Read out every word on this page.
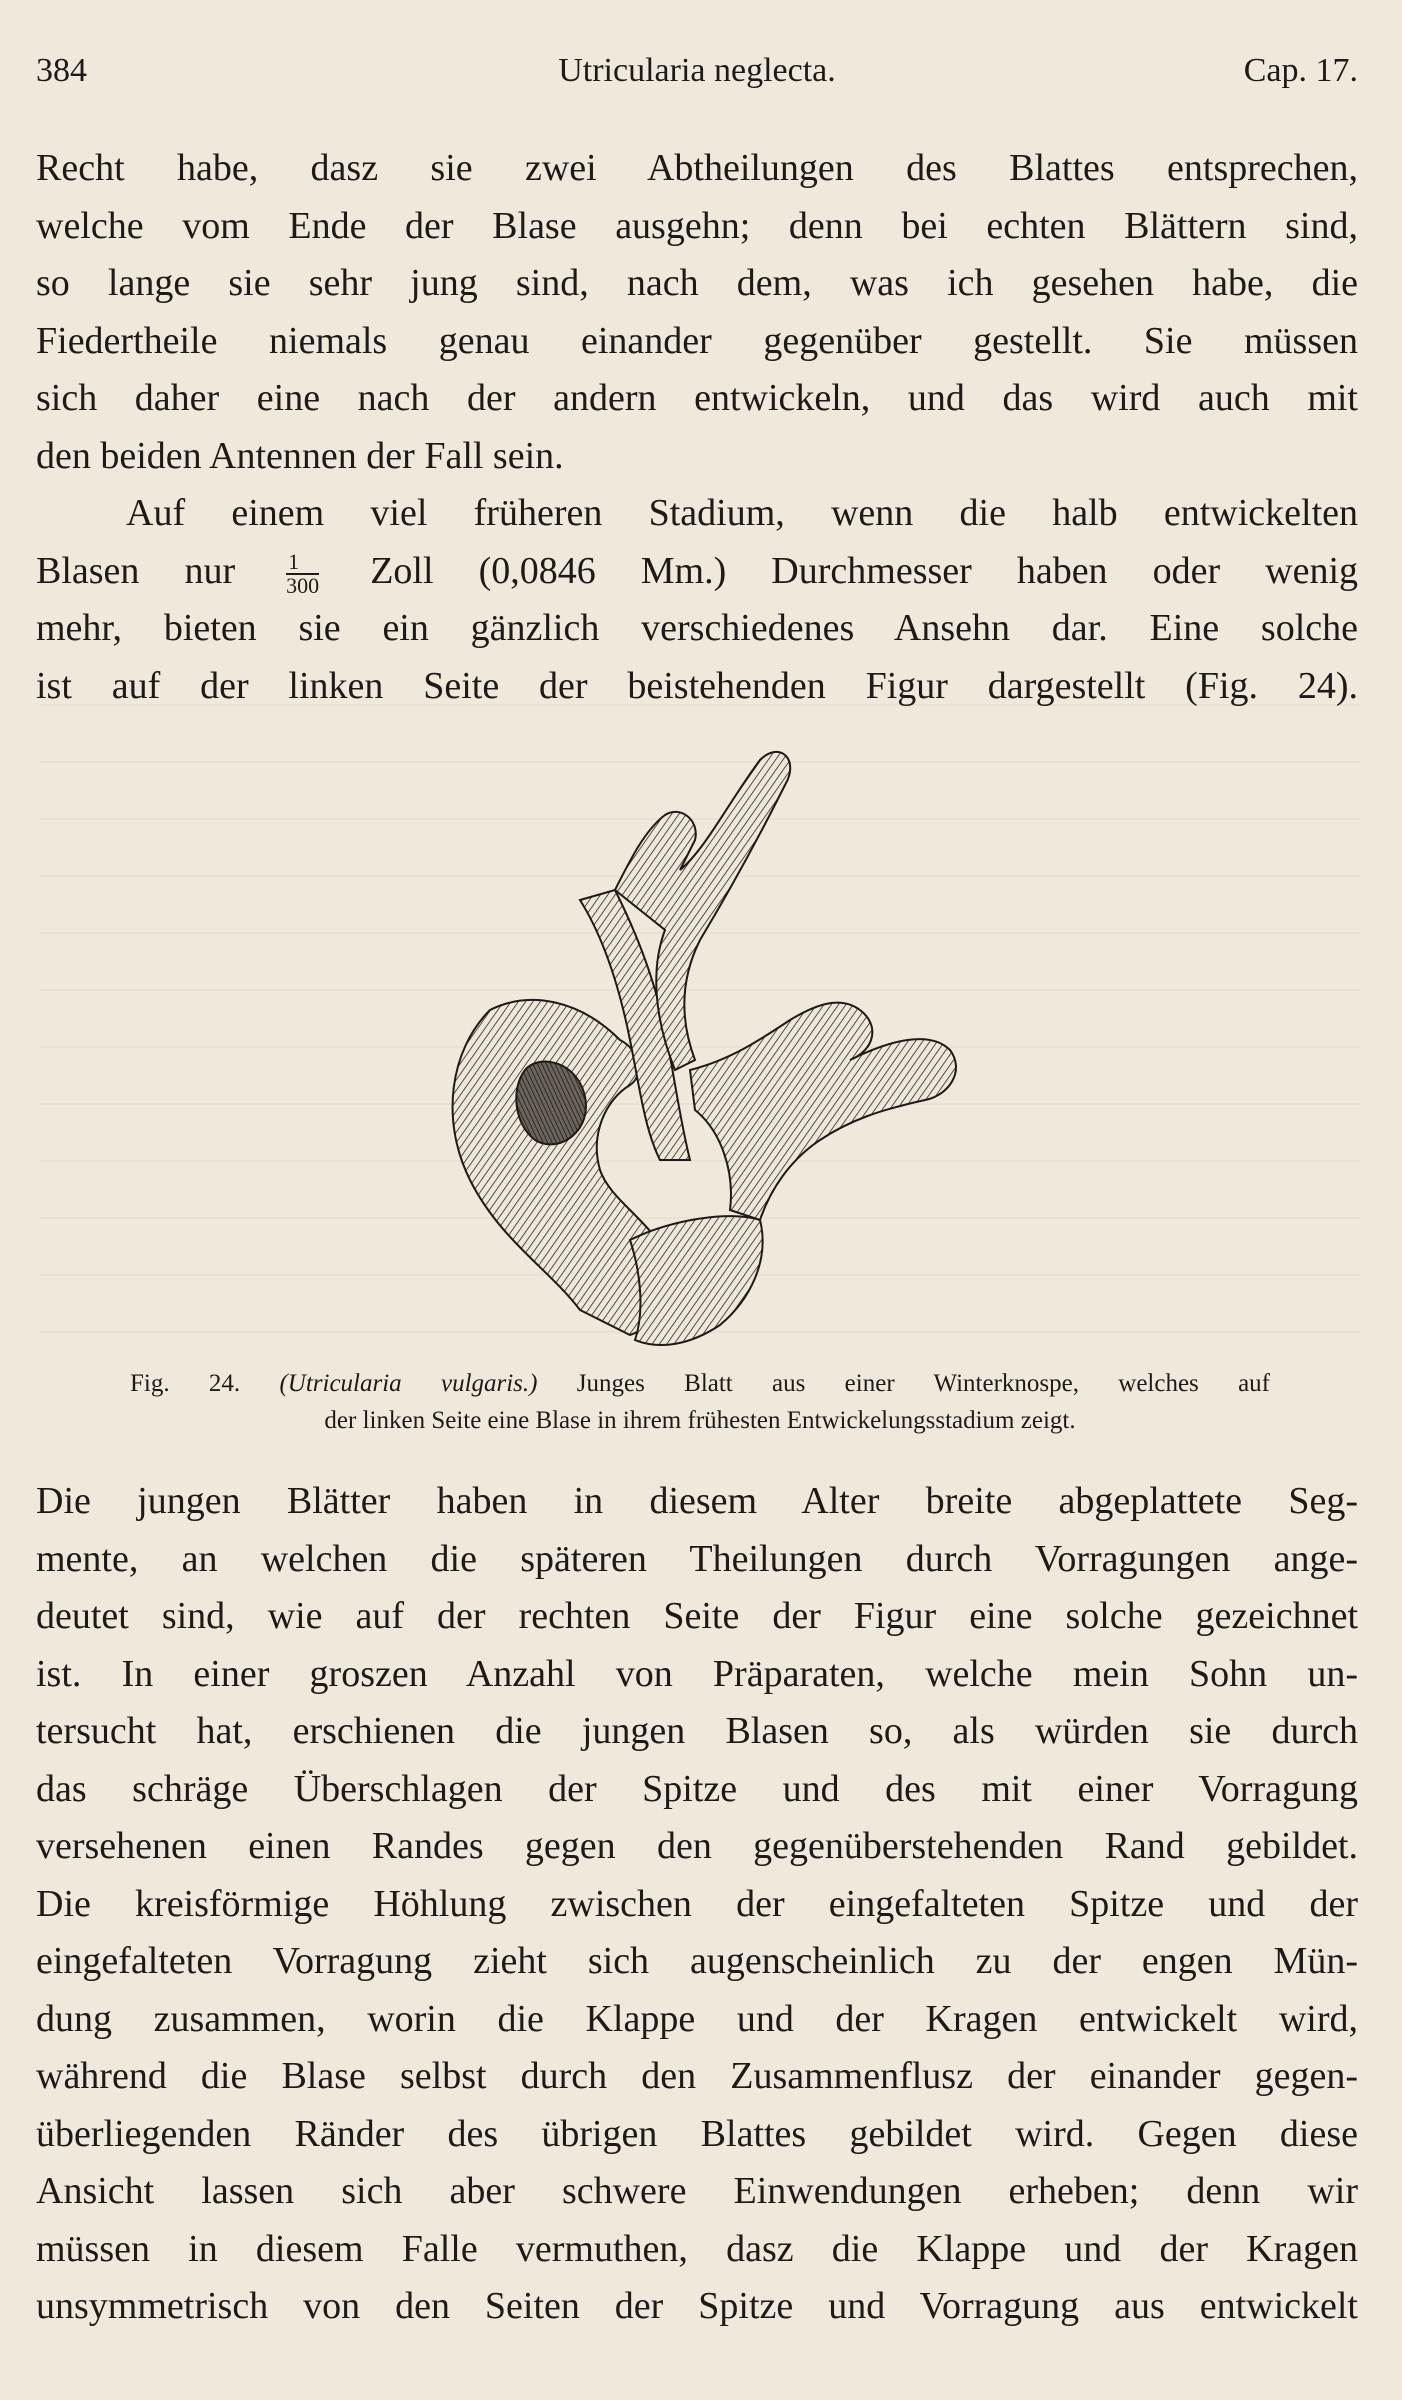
384	Utricularia neglecta.	Cap. 17.
Recht habe, dasz sie zwei Abtheilungen des Blattes entsprechen,
welche vom Ende der Blase ausgehn; denn bei echten Blättern sind,
so lange sie sehr jung sind, nach dem, was ich gesehen habe, die
Fiedertheile niemals genau einander gegenüber gestellt. Sie müssen
sich daher eine nach der andern entwickeln, und das wird auch mit
den beiden Antennen der Fall sein.
Auf einem viel früheren Stadium, wenn die halb entwickelten
Blasen nur $\frac{1}{300}$ Zoll (0,0846 Mm.) Durchmesser haben oder wenig
mehr, bieten sie ein gänzlich verschiedenes Ansehn dar. Eine solche
ist auf der linken Seite der beistehenden Figur dargestellt (Fig. 24).
Fig. 24. (Utricularia vulgaris.) Junges Blatt aus einer Winterknospe, welches auf
der linken Seite eine Blase in ihrem frühesten Entwickelungsstadium zeigt.
Die jungen Blätter haben in diesem Alter breite abgeplattete Seg-
mente, an welchen die späteren Theilungen durch Vorragungen ange-
deutet sind, wie auf der rechten Seite der Figur eine solche gezeichnet
ist. In einer groszen Anzahl von Präparaten, welche mein Sohn un-
tersucht hat, erschienen die jungen Blasen so, als würden sie durch
das schräge Überschlagen der Spitze und des mit einer Vorragung
versehenen einen Randes gegen den gegenüberstehenden Rand gebildet.
Die kreisförmige Höhlung zwischen der eingefalteten Spitze und der
eingefalteten Vorragung zieht sich augenscheinlich zu der engen Mün-
dung zusammen, worin die Klappe und der Kragen entwickelt wird,
während die Blase selbst durch den Zusammenflusz der einander gegen-
überliegenden Ränder des übrigen Blattes gebildet wird. Gegen diese
Ansicht lassen sich aber schwere Einwendungen erheben; denn wir
müssen in diesem Falle vermuthen, dasz die Klappe und der Kragen
unsymmetrisch von den Seiten der Spitze und Vorragung aus entwickelt
